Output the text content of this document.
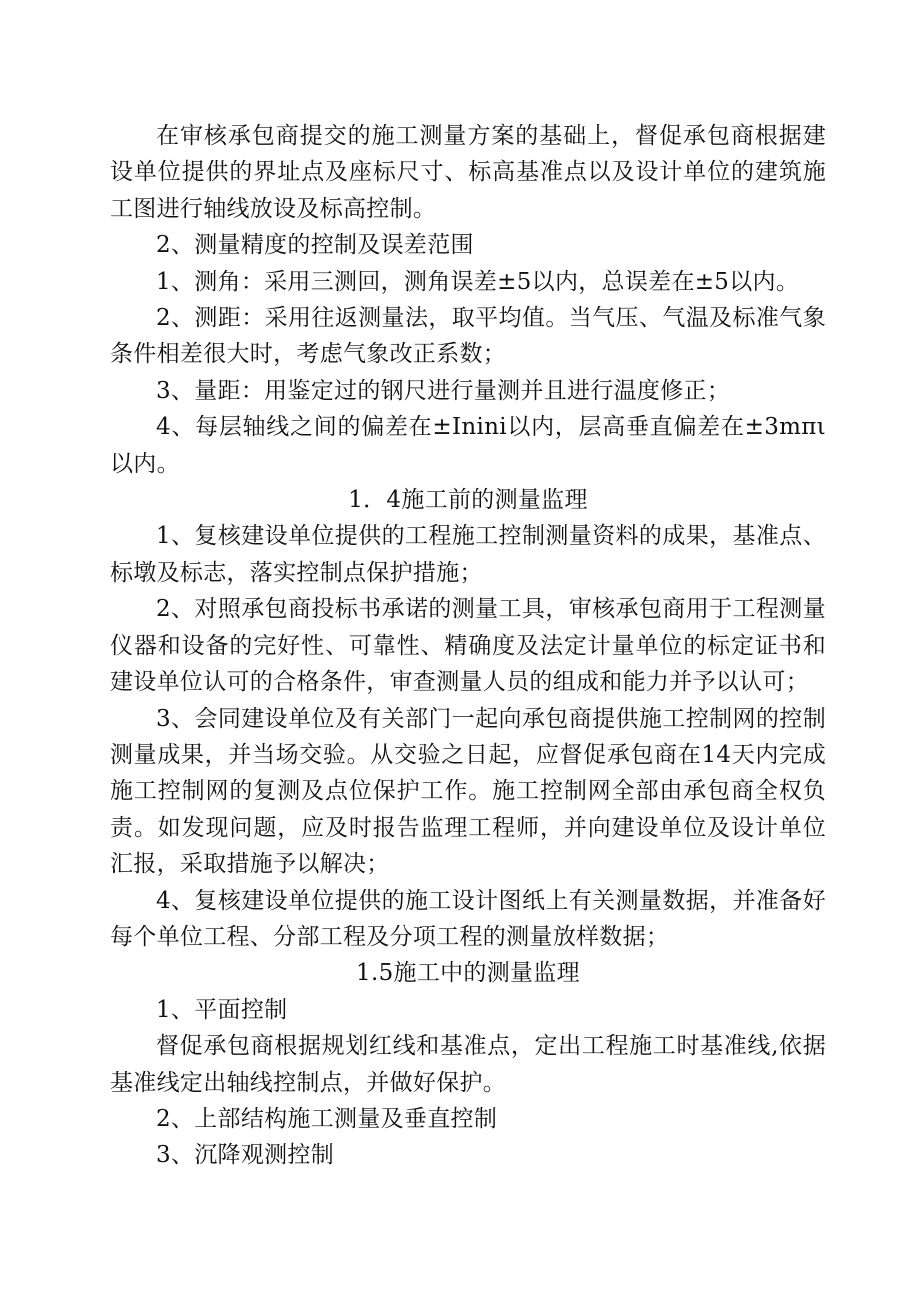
在审核承包商提交的施工测量方案的基础上，督促承包商根据建设单位提供的界址点及座标尺寸、标高基准点以及设计单位的建筑施工图进行轴线放设及标高控制。

2、测量精度的控制及误差范围

1、测角：采用三测回，测角误差±5以内，总误差在±5以内。

2、测距：采用往返测量法，取平均值。当气压、气温及标准气象条件相差很大时，考虑气象改正系数；

3、量距：用鉴定过的钢尺进行量测并且进行温度修正；

4、每层轴线之间的偏差在±Inini以内，层高垂直偏差在±3mπι以内。

1．4施工前的测量监理

1、复核建设单位提供的工程施工控制测量资料的成果，基准点、标墩及标志，落实控制点保护措施；

2、对照承包商投标书承诺的测量工具，审核承包商用于工程测量仪器和设备的完好性、可靠性、精确度及法定计量单位的标定证书和建设单位认可的合格条件，审查测量人员的组成和能力并予以认可；

3、会同建设单位及有关部门一起向承包商提供施工控制网的控制测量成果，并当场交验。从交验之日起，应督促承包商在14天内完成施工控制网的复测及点位保护工作。施工控制网全部由承包商全权负责。如发现问题，应及时报告监理工程师，并向建设单位及设计单位汇报，采取措施予以解决；

4、复核建设单位提供的施工设计图纸上有关测量数据，并准备好每个单位工程、分部工程及分项工程的测量放样数据；

1.5施工中的测量监理

1、平面控制

督促承包商根据规划红线和基准点，定出工程施工时基准线,依据基准线定出轴线控制点，并做好保护。

2、上部结构施工测量及垂直控制

3、沉降观测控制
